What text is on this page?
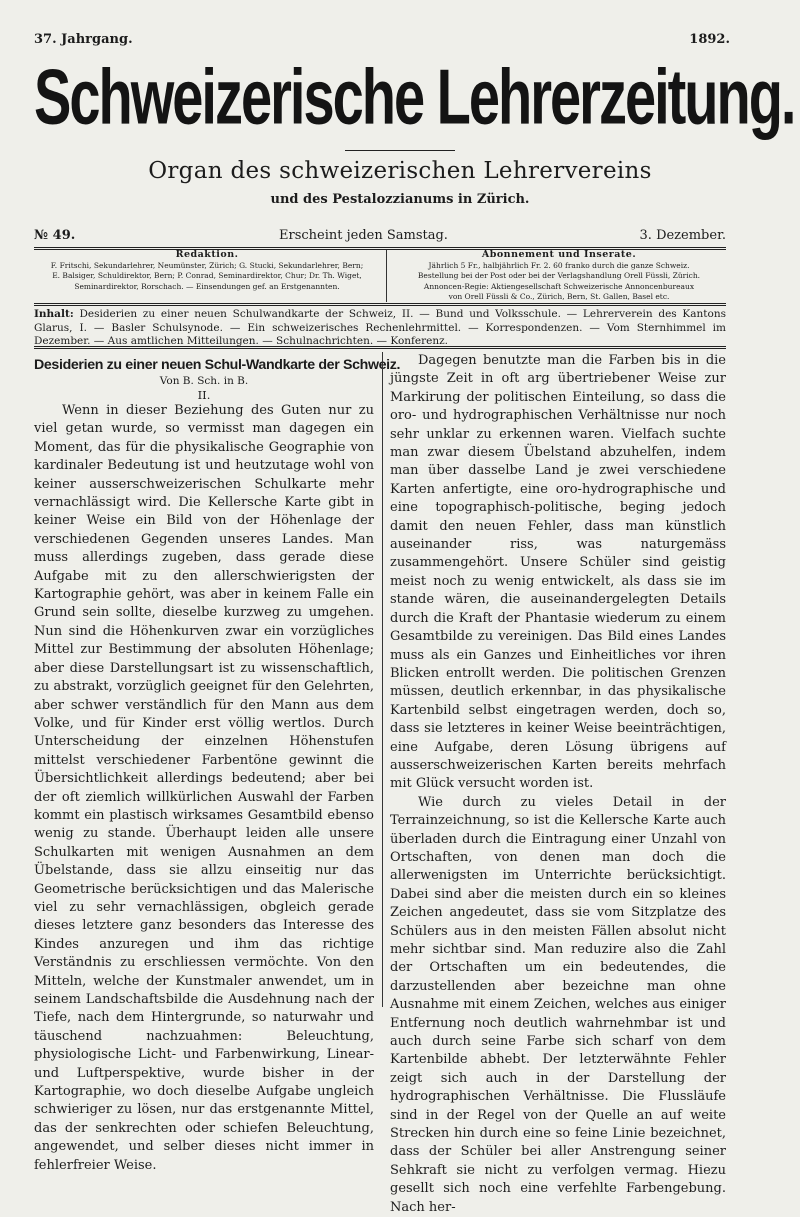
37. Jahrgang.	1892.
Schweizerische Lehrerzeitung.
Organ des schweizerischen Lehrervereins
und des Pestalozzianums in Zürich.
№ 49.	Erscheint jeden Samstag.	3. Dezember.
Redaktion.
F. Fritschi, Sekundarlehrer, Neumünster, Zürich; G. Stucki, Sekundarlehrer, Bern;
E. Balsiger, Schuldirektor, Bern; P. Conrad, Seminardirektor, Chur; Dr. Th. Wiget,
Seminardirektor, Rorschach. — Einsendungen gef. an Erstgenannten.
Abonnement und Inserate.
Jährlich 5 Fr., halbjährlich Fr. 2. 60 franko durch die ganze Schweiz.
Bestellung bei der Post oder bei der Verlagshandlung Orell Füssli, Zürich.
Annoncen-Regie: Aktiengesellschaft Schweizerische Annoncenbureaux
von Orell Füssli & Co., Zürich, Bern, St. Gallen, Basel etc.
Inhalt: Desiderien zu einer neuen Schulwandkarte der Schweiz, II. — Bund und Volksschule. — Lehrerverein des Kantons Glarus, I. — Basler Schulsynode. — Ein schweizerisches Rechenlehrmittel. — Korrespondenzen. — Vom Sternhimmel im Dezember. — Aus amtlichen Mitteilungen. — Schulnachrichten. — Konferenz.
Desiderien zu einer neuen Schul-Wandkarte der Schweiz.
Von B. Sch. in B.
II.

Wenn in dieser Beziehung des Guten nur zu viel getan wurde, so vermisst man dagegen ein Moment, das für die physikalische Geographie von kardinaler Bedeutung ist und heutzutage wohl von keiner ausserschweizerischen Schulkarte mehr vernachlässigt wird. Die Kellersche Karte gibt in keiner Weise ein Bild von der Höhenlage der verschiedenen Gegenden unseres Landes. Man muss allerdings zugeben, dass gerade diese Aufgabe mit zu den allerschwierigsten der Kartographie gehört, was aber in keinem Falle ein Grund sein sollte, dieselbe kurzweg zu umgehen. Nun sind die Höhenkurven zwar ein vorzügliches Mittel zur Bestimmung der absoluten Höhenlage; aber diese Darstellungsart ist zu wissenschaftlich, zu abstrakt, vorzüglich geeignet für den Gelehrten, aber schwer verständlich für den Mann aus dem Volke, und für Kinder erst völlig wertlos. Durch Unterscheidung der einzelnen Höhenstufen mittelst verschiedener Farbentöne gewinnt die Übersichtlichkeit allerdings bedeutend; aber bei der oft ziemlich willkürlichen Auswahl der Farben kommt ein plastisch wirksames Gesamtbild ebenso wenig zu stande. Überhaupt leiden alle unsere Schulkarten mit wenigen Ausnahmen an dem Übelstande, dass sie allzu einseitig nur das Geometrische berücksichtigen und das Malerische viel zu sehr vernachlässigen, obgleich gerade dieses letztere ganz besonders das Interesse des Kindes anzuregen und ihm das richtige Verständnis zu erschliessen vermöchte. Von den Mitteln, welche der Kunstmaler anwendet, um in seinem Landschaftsbilde die Ausdehnung nach der Tiefe, nach dem Hintergrunde, so naturwahr und täuschend nachzuahmen: Beleuchtung, physiologische Licht- und Farbenwirkung, Linear- und Luftperspektive, wurde bisher in der Kartographie, wo doch dieselbe Aufgabe ungleich schwieriger zu lösen, nur das erstgenannte Mittel, das der senkrechten oder schiefen Beleuchtung, angewendet, und selber dieses nicht immer in fehlerfreier Weise.

Dagegen benutzte man die Farben bis in die jüngste Zeit in oft arg übertriebener Weise zur Markirung der politischen Einteilung, so dass die oro- und hydrographischen Verhältnisse nur noch sehr unklar zu erkennen waren. Vielfach suchte man zwar diesem Übelstand abzuhelfen, indem man über dasselbe Land je zwei verschiedene Karten anfertigte, eine oro-hydrographische und eine topographisch-politische, beging jedoch damit den neuen Fehler, dass man künstlich auseinander riss, was naturgemäss zusammengehört. Unsere Schüler sind geistig meist noch zu wenig entwickelt, als dass sie im stande wären, die auseinandergelegten Details durch die Kraft der Phantasie wiederum zu einem Gesamtbilde zu vereinigen. Das Bild eines Landes muss als ein Ganzes und Einheitliches vor ihren Blicken entrollt werden. Die politischen Grenzen müssen, deutlich erkennbar, in das physikalische Kartenbild selbst eingetragen werden, doch so, dass sie letzteres in keiner Weise beeinträchtigen, eine Aufgabe, deren Lösung übrigens auf ausserschweizerischen Karten bereits mehrfach mit Glück versucht worden ist.

Wie durch zu vieles Detail in der Terrainzeichnung, so ist die Kellersche Karte auch überladen durch die Eintragung einer Unzahl von Ortschaften, von denen man doch die allerwenigsten im Unterrichte berücksichtigt. Dabei sind aber die meisten durch ein so kleines Zeichen angedeutet, dass sie vom Sitzplatze des Schülers aus in den meisten Fällen absolut nicht mehr sichtbar sind. Man reduzire also die Zahl der Ortschaften um ein bedeutendes, die darzustellenden aber bezeichne man ohne Ausnahme mit einem Zeichen, welches aus einiger Entfernung noch deutlich wahrnehmbar ist und auch durch seine Farbe sich scharf von dem Kartenbilde abhebt. Der letzterwähnte Fehler zeigt sich auch in der Darstellung der hydrographischen Verhältnisse. Die Flussläufe sind in der Regel von der Quelle an auf weite Strecken hin durch eine so feine Linie bezeichnet, dass der Schüler bei aller Anstrengung seiner Sehkraft sie nicht zu verfolgen vermag. Hiezu gesellt sich noch eine verfehlte Farbengebung. Nach her-
